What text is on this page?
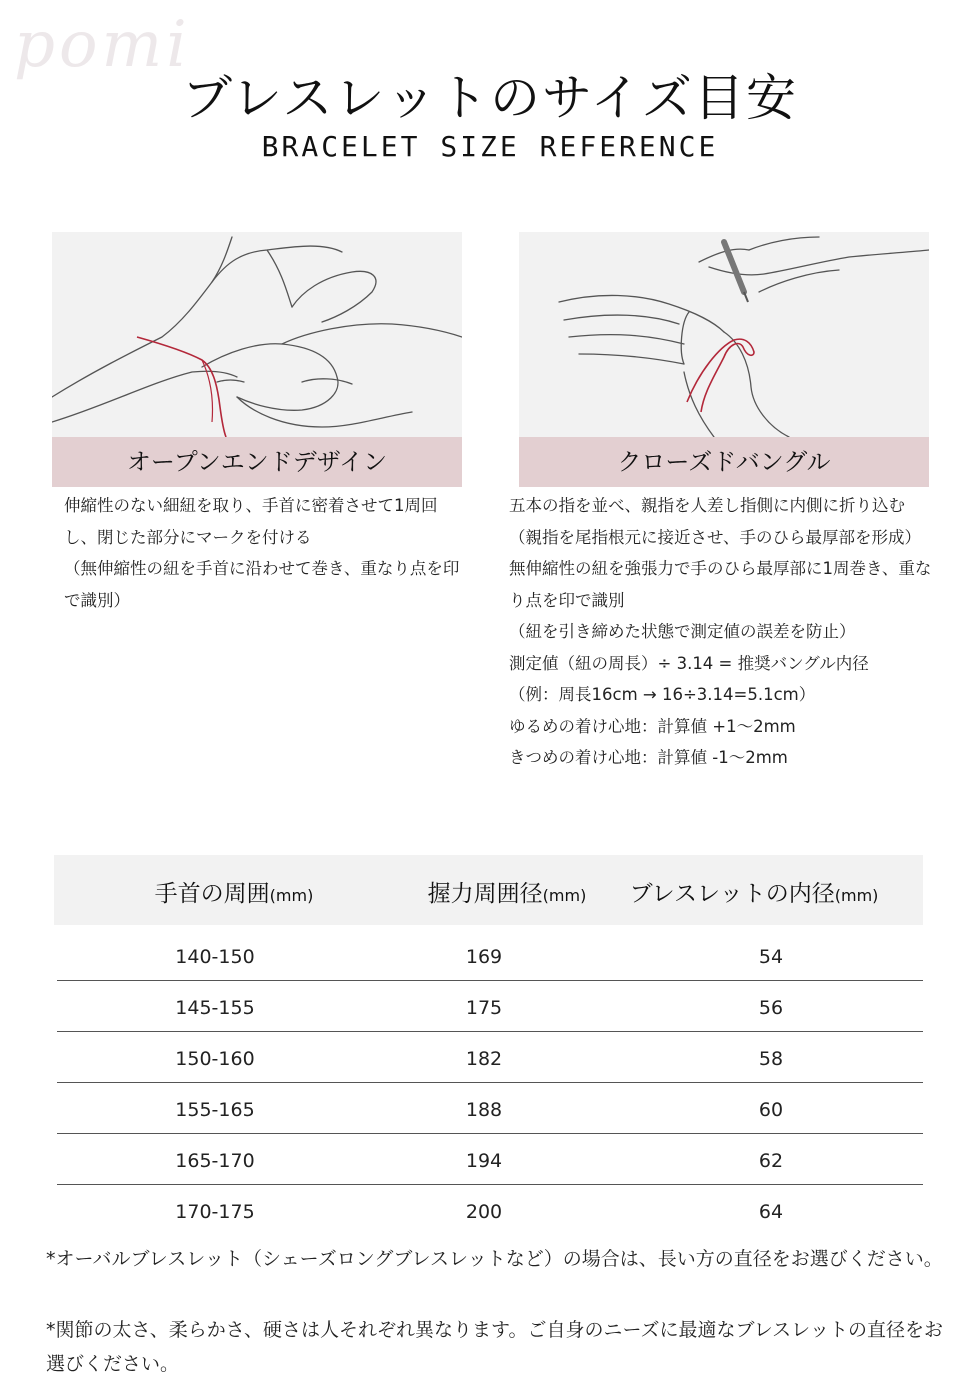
pomi
ブレスレットのサイズ目安
BRACELET SIZE REFERENCE
オープンエンドデザイン	クローズドバングル
伸縮性のない細紐を取り、手首に密着させて1周回し、閉じた部分にマークを付ける
（無伸縮性の紐を手首に沿わせて巻き、重なり点を印で識別）
五本の指を並べ、親指を人差し指側に内側に折り込む
（親指を尾指根元に接近させ、手のひら最厚部を形成）
無伸縮性の紐を強張力で手のひら最厚部に1周巻き、重な
り点を印で識別
（紐を引き締めた状態で測定値の誤差を防止）
測定値（紐の周長）÷ 3.14 = 推奨バングル内径
（例：周長16cm → 16÷3.14=5.1cm）
ゆるめの着け心地：計算値 +1〜2mm
きつめの着け心地：計算値 -1〜2mm
手首の周囲(mm)	握力周囲径(mm)	ブレスレットの内径(mm)
140-150	169	54
145-155	175	56
150-160	182	58
155-165	188	60
165-170	194	62
170-175	200	64
*オーバルブレスレット（シェーズロングブレスレットなど）の場合は、長い方の直径をお選びください。
*関節の太さ、柔らかさ、硬さは人それぞれ異なります。ご自身のニーズに最適なブレスレットの直径をお選びください。
